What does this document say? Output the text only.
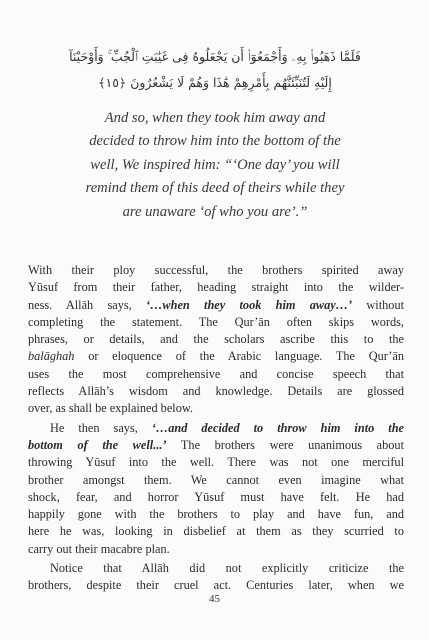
فَلَمَّا ذَهَبُوا۟ بِهِۦ وَأَجْمَعُوٓا۟ أَن يَجْعَلُوهُ فِى غَيَٰبَتِ ٱلْجُبِّ ۚ وَأَوْحَيْنَآ
إِلَيْهِ لَتُنَبِّئَنَّهُم بِأَمْرِهِمْ هَٰذَا وَهُمْ لَا يَشْعُرُونَ ﴿١٥﴾
And so, when they took him away and
decided to throw him into the bottom of the
well, We inspired him: “‘One day’ you will
remind them of this deed of theirs while they
are unaware ‘of who you are’.”
With their ploy successful, the brothers spirited away
Yūsuf from their father, heading straight into the wilder-
ness. Allāh says, ‘…when they took him away…’ without
completing the statement. The Qur’ān often skips words,
phrases, or details, and the scholars ascribe this to the
balāghah or eloquence of the Arabic language. The Qur’ān
uses the most comprehensive and concise speech that
reflects Allāh’s wisdom and knowledge. Details are glossed
over, as shall be explained below.
He then says, ‘…and decided to throw him into the
bottom of the well...’ The brothers were unanimous about
throwing Yūsuf into the well. There was not one merciful
brother amongst them. We cannot even imagine what
shock, fear, and horror Yūsuf must have felt. He had
happily gone with the brothers to play and have fun, and
here he was, looking in disbelief at them as they scurried to
carry out their macabre plan.
Notice that Allāh did not explicitly criticize the
brothers, despite their cruel act. Centuries later, when we
45
